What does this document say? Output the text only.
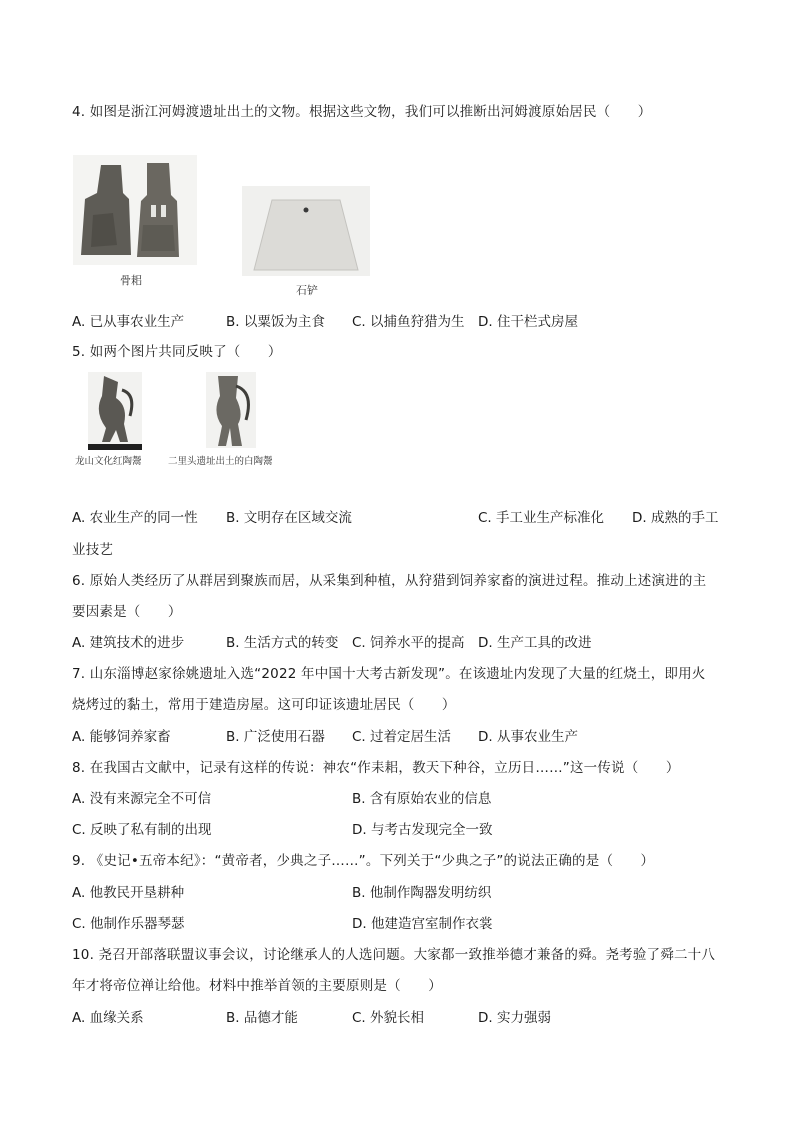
4. 如图是浙江河姆渡遗址出土的文物。根据这些文物，我们可以推断出河姆渡原始居民（　　）
骨耜
石铲
A. 已从事农业生产	B. 以粟饭为主食 C. 以捕鱼狩猎为生 D. 住干栏式房屋
5. 如两个图片共同反映了（　　）
龙山文化红陶鬶	二里头遗址出土的白陶鬶
A. 农业生产的同一性 B. 文明存在区域交流	C. 手工业生产标准化 D. 成熟的手工
业技艺
6. 原始人类经历了从群居到聚族而居，从采集到种植，从狩猎到饲养家畜的演进过程。推动上述演进的主
要因素是（　　）
A. 建筑技术的进步	B. 生活方式的转变 C. 饲养水平的提高 D. 生产工具的改进
7. 山东淄博赵家徐姚遗址入选“2022 年中国十大考古新发现”。在该遗址内发现了大量的红烧土，即用火
烧烤过的黏土，常用于建造房屋。这可印证该遗址居民（　　）
A. 能够饲养家畜	B. 广泛使用石器 C. 过着定居生活 D. 从事农业生产
8. 在我国古文献中，记录有这样的传说：神农“作耒耜，教天下种谷，立历日……”这一传说（　　）
A. 没有来源完全不可信	B. 含有原始农业的信息
C. 反映了私有制的出现	D. 与考古发现完全一致
9. 《史记•五帝本纪》：“黄帝者，少典之子……”。下列关于“少典之子”的说法正确的是（　　）
A. 他教民开垦耕种	B. 他制作陶器发明纺织
C. 他制作乐器琴瑟	D. 他建造宫室制作衣裳
10. 尧召开部落联盟议事会议，讨论继承人的人选问题。大家都一致推举德才兼备的舜。尧考验了舜二十八
年才将帝位禅让给他。材料中推举首领的主要原则是（　　）
A. 血缘关系	B. 品德才能	C. 外貌长相	D. 实力强弱
